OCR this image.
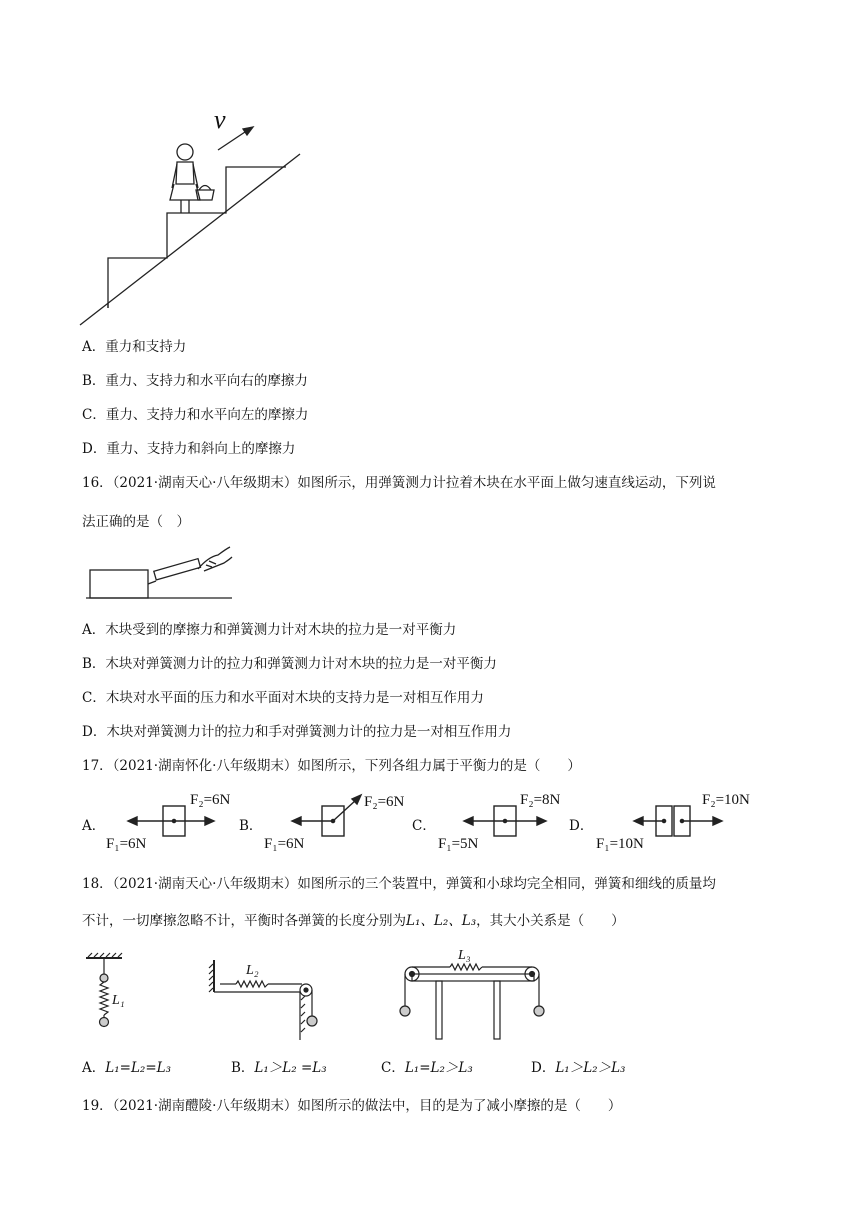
v
A．重力和支持力
B．重力、支持力和水平向右的摩擦力
C．重力、支持力和水平向左的摩擦力
D．重力、支持力和斜向上的摩擦力
16．（2021·湖南天心·八年级期末）如图所示，用弹簧测力计拉着木块在水平面上做匀速直线运动，下列说
法正确的是（　）
A．木块受到的摩擦力和弹簧测力计对木块的拉力是一对平衡力
B．木块对弹簧测力计的拉力和弹簧测力计对木块的拉力是一对平衡力
C．木块对水平面的压力和水平面对木块的支持力是一对相互作用力
D．木块对弹簧测力计的拉力和手对弹簧测力计的拉力是一对相互作用力
17．（2021·湖南怀化·八年级期末）如图所示，下列各组力属于平衡力的是（　　）
A．
F₂=6N
F₁=6N
B．
F₂=6N
F₁=6N
C．
F₂=8N
F₁=5N
D．
F₂=10N
F₁=10N
18．（2021·湖南天心·八年级期末）如图所示的三个装置中，弹簧和小球均完全相同，弹簧和细线的质量均
不计，一切摩擦忽略不计，平衡时各弹簧的长度分别为L₁、L₂、L₃，其大小关系是（　　）
L₁
L₂
L₃
A．L₁=L₂=L₃	B．L₁＞L₂ =L₃	C．L₁=L₂＞L₃	D．L₁＞L₂＞L₃
19．（2021·湖南醴陵·八年级期末）如图所示的做法中，目的是为了减小摩擦的是（　　）
